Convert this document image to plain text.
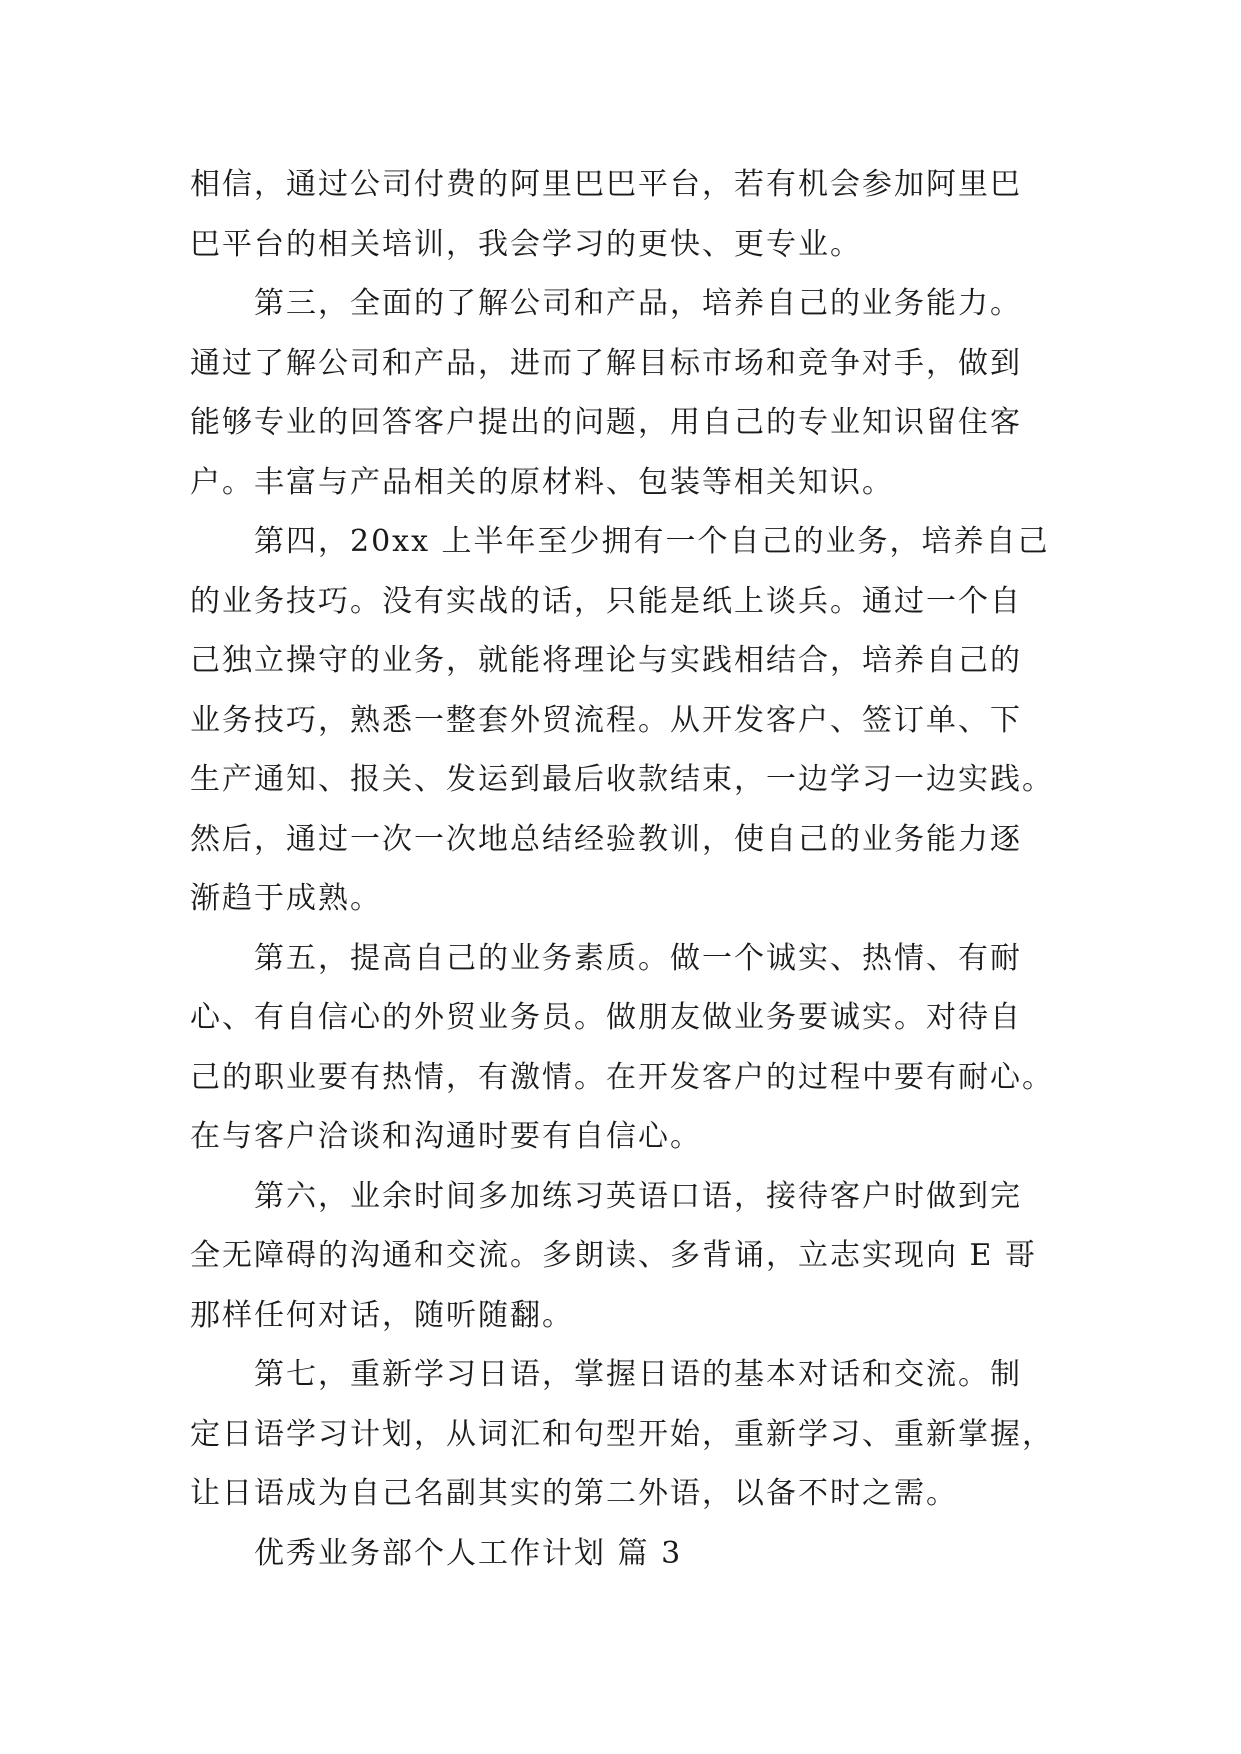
相信，通过公司付费的阿里巴巴平台，若有机会参加阿里巴
巴平台的相关培训，我会学习的更快、更专业。
第三，全面的了解公司和产品，培养自己的业务能力。
通过了解公司和产品，进而了解目标市场和竞争对手，做到
能够专业的回答客户提出的问题，用自己的专业知识留住客
户。丰富与产品相关的原材料、包装等相关知识。
第四，20xx 上半年至少拥有一个自己的业务，培养自己
的业务技巧。没有实战的话，只能是纸上谈兵。通过一个自
己独立操守的业务，就能将理论与实践相结合，培养自己的
业务技巧，熟悉一整套外贸流程。从开发客户、签订单、下
生产通知、报关、发运到最后收款结束，一边学习一边实践。
然后，通过一次一次地总结经验教训，使自己的业务能力逐
渐趋于成熟。
第五，提高自己的业务素质。做一个诚实、热情、有耐
心、有自信心的外贸业务员。做朋友做业务要诚实。对待自
己的职业要有热情，有激情。在开发客户的过程中要有耐心。
在与客户洽谈和沟通时要有自信心。
第六，业余时间多加练习英语口语，接待客户时做到完
全无障碍的沟通和交流。多朗读、多背诵，立志实现向 E 哥
那样任何对话，随听随翻。
第七，重新学习日语，掌握日语的基本对话和交流。制
定日语学习计划，从词汇和句型开始，重新学习、重新掌握，
让日语成为自己名副其实的第二外语，以备不时之需。
优秀业务部个人工作计划 篇 3
